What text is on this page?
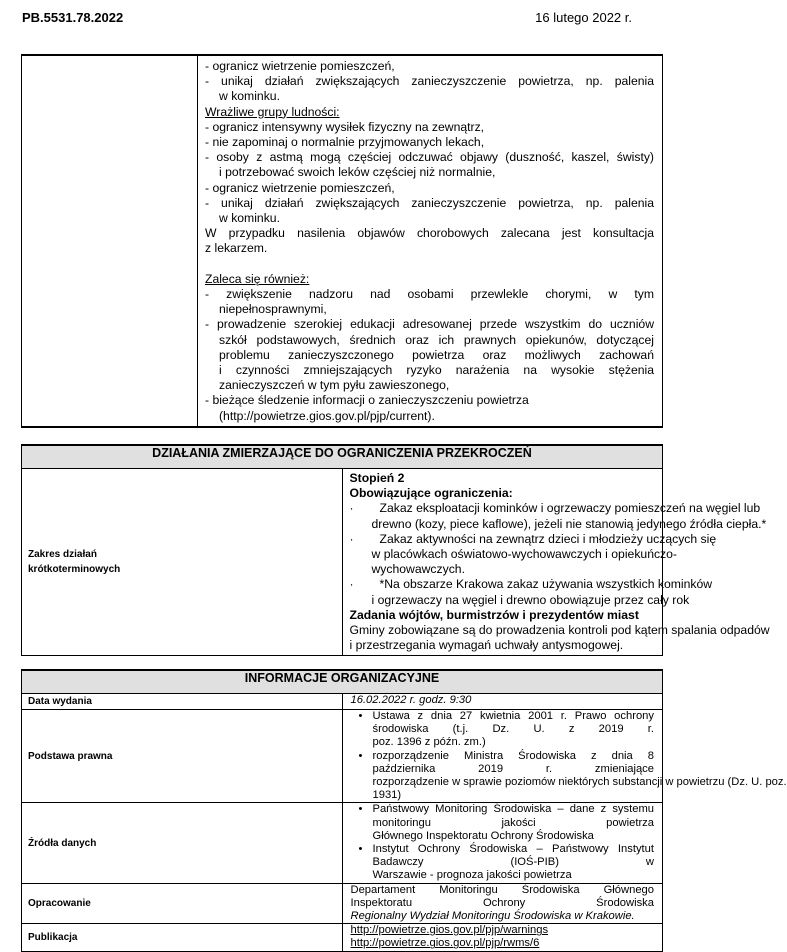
PB.5531.78.2022	16 lutego 2022 r.

- ogranicz wietrzenie pomieszczeń,
- unikaj działań zwiększających zanieczyszczenie powietrza, np. palenia
w kominku.
Wrażliwe grupy ludności:
- ogranicz intensywny wysiłek fizyczny na zewnątrz,
- nie zapominaj o normalnie przyjmowanych lekach,
- osoby z astmą mogą częściej odczuwać objawy (duszność, kaszel, świsty)
i potrzebować swoich leków częściej niż normalnie,
- ogranicz wietrzenie pomieszczeń,
- unikaj działań zwiększających zanieczyszczenie powietrza, np. palenia
w kominku.
W przypadku nasilenia objawów chorobowych zalecana jest konsultacja
z lekarzem.

Zaleca się również:
- zwiększenie nadzoru nad osobami przewlekle chorymi, w tym
niepełnosprawnymi,
- prowadzenie szerokiej edukacji adresowanej przede wszystkim do uczniów
szkół podstawowych, średnich oraz ich prawnych opiekunów, dotyczącej
problemu zanieczyszczonego powietrza oraz możliwych zachowań
i czynności zmniejszających ryzyko narażenia na wysokie stężenia
zanieczyszczeń w tym pyłu zawieszonego,
- bieżące śledzenie informacji o zanieczyszczeniu powietrza
(http://powietrze.gios.gov.pl/pjp/current).
DZIAŁANIA ZMIERZAJĄCE DO OGRANICZENIA PRZEKROCZEŃ

Zakres działań
krótkoterminowych

Stopień 2
Obowiązujące ograniczenia:
·	Zakaz eksploatacji kominków i ogrzewaczy pomieszczeń na węgiel lub
drewno (kozy, piece kaflowe), jeżeli nie stanowią jedynego źródła ciepła.*
·	Zakaz aktywności na zewnątrz dzieci i młodzieży uczących się
w placówkach oświatowo-wychowawczych i opiekuńczo-
wychowawczych.
·	*Na obszarze Krakowa zakaz używania wszystkich kominków
i ogrzewaczy na węgiel i drewno obowiązuje przez cały rok
Zadania wójtów, burmistrzów i prezydentów miast
Gminy zobowiązane są do prowadzenia kontroli pod kątem spalania odpadów
i przestrzegania wymagań uchwały antysmogowej.
INFORMACJE ORGANIZACYJNE	
Data wydania	16.02.2022 r. godz. 9:30

Podstawa prawna	• Ustawa z dnia 27 kwietnia 2001 r. Prawo ochrony środowiska (t.j. Dz. U. z 2019 r.
poz. 1396 z późn. zm.)
• rozporządzenie Ministra Środowiska z dnia 8 października 2019 r. zmieniające
rozporządzenie w sprawie poziomów niektórych substancji w powietrzu (Dz. U. poz.
1931)

Źródła danych	• Państwowy Monitoring Środowiska – dane z systemu monitoringu jakości powietrza
Głównego Inspektoratu Ochrony Środowiska
• Instytut Ochrony Środowiska – Państwowy Instytut Badawczy (IOŚ-PIB) w
Warszawie - prognoza jakości powietrza

Opracowanie	Departament Monitoringu Środowiska Głównego Inspektoratu Ochrony Środowiska
Regionalny Wydział Monitoringu Środowiska w Krakowie.

Publikacja	http://powietrze.gios.gov.pl/pjp/warnings
http://powietrze.gios.gov.pl/pjp/rwms/6
